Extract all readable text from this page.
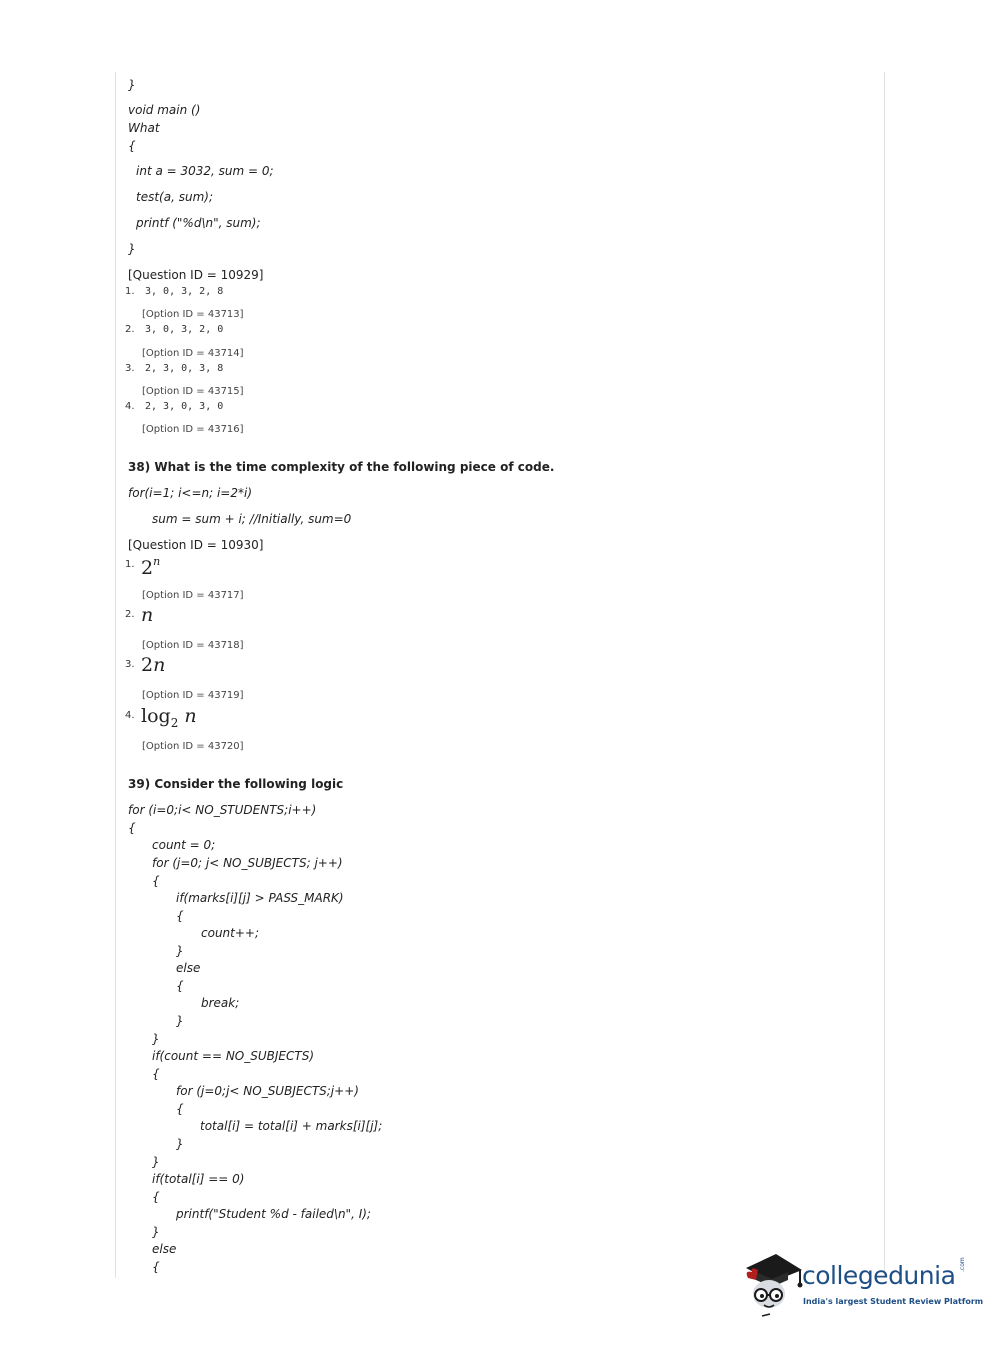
}
void main ()
What
{
int a = 3032, sum = 0;
test(a, sum);
printf ("%d\n", sum);
}
[Question ID = 10929]
1. 3, 0, 3, 2, 8
[Option ID = 43713]
2. 3, 0, 3, 2, 0
[Option ID = 43714]
3. 2, 3, 0, 3, 8
[Option ID = 43715]
4. 2, 3, 0, 3, 0
[Option ID = 43716]
38) What is the time complexity of the following piece of code.
for(i=1; i<=n; i=2*i)
sum = sum + i; //Initially, sum=0
[Question ID = 10930]
1. 2$^n$
[Option ID = 43717]
2. n
[Option ID = 43718]
3. 2n
[Option ID = 43719]
4. $\log_2 n$
[Option ID = 43720]
39) Consider the following logic
for (i=0;i< NO_STUDENTS;i++)
{
count = 0;
for (j=0; j< NO_SUBJECTS; j++)
{
if(marks[i][j] > PASS_MARK)
{
count++;
}
else
{
break;
}
}
if(count == NO_SUBJECTS)
{
for (j=0;j< NO_SUBJECTS;j++)
{
total[i] = total[i] + marks[i][j];
}
}
if(total[i] == 0)
{
printf("Student %d - failed\n", I);
}
else
{	collegedunia .com
India's largest Student Review Platform
